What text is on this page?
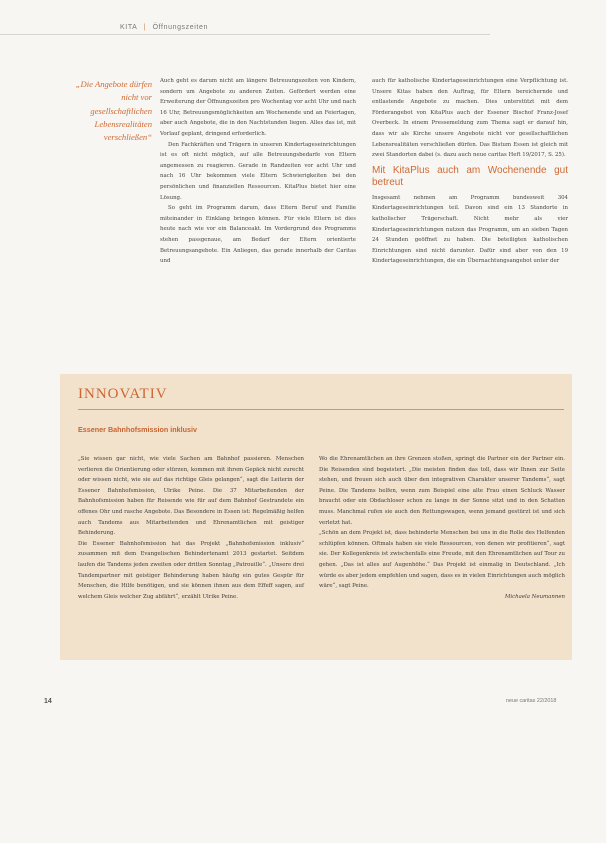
KITA | Öffnungszeiten
„Die Angebote dürfen nicht vor gesellschaftlichen Lebensrealitäten verschließen“

Auch geht es darum nicht am längere Betreuungszeiten von Kindern, sondern um Angebote zu anderen Zeiten. Gefördert werden eine Erweiterung der Öffnungszeiten pro Wochentag vor acht Uhr und nach 16 Uhr, Betreuungsmöglichkeiten am Wochenende und an Feiertagen, aber auch Angebote, die in den Nachtstunden liegen. Alles das ist, mit Vorlauf geplant, dringend erforderlich.

Den Fachkräften und Trägern in unseren Kindertageseinrichtungen ist es oft nicht möglich, auf alle Betreuungsbedarfe von Eltern angemessen zu reagieren. Gerade in Randzeiten vor acht Uhr und nach 16 Uhr bekommen viele Eltern Schwierigkeiten bei den persönlichen und finanziellen Ressourcen. KitaPlus bietet hier eine Lösung.

So geht im Programm darum, dass Eltern Beruf und Familie miteinander in Einklang bringen können. Für viele Eltern ist dies heute nach wie vor ein Balanceakt. Im Vordergrund des Programms stehen passgenaue, am Bedarf der Eltern orientierte Betreuungsangebote. Ein Anliegen, das gerade innerhalb der Caritas und

auch für katholische Kindertageseinrichtungen eine Verpflichtung ist. Unsere Kitas haben den Auftrag, für Eltern bereichernde und entlastende Angebote zu machen. Dies unterstützt mit dem Förderangebot von KitaPlus auch der Essener Bischof Franz-Josef Overbeck. In einem Pressemeldung zum Thema sagt er darauf hin, dass wir als Kirche unsere Angebote nicht vor gesellschaftlichen Lebensrealitäten verschließen dürfen. Das Bistum Essen ist gleich mit zwei Standorten dabei (s. dazu auch neue caritas Heft 19/2017, S. 25).

Mit KitaPlus auch am Wochenende gut betreut

Insgesamt nehmen am Programm bundesweit 304 Kindertageseinrichtungen teil. Davon sind ein 13 Standorte in katholischer Trägerschaft. Nicht mehr als vier Kindertageseinrichtungen nutzen das Programm, um an sieben Tagen 24 Stunden geöffnet zu haben. Die beteiligten katholischen Einrichtungen sind nicht darunter. Dafür sind aber von den 19 Kindertageseinrichtungen, die ein Übernachtungsangebot unter der

INNOVATIV
Essener Bahnhofsmission inklusiv

„Sie wissen gar nicht, wie viele Sachen am Bahnhof passieren. Menschen verlieren die Orientierung oder stürzen, kommen mit ihrem Gepäck nicht zurecht oder wissen nicht, wie sie auf das richtige Gleis gelangen“, sagt die Leiterin der Essener Bahnhofsmission, Ulrike Peine. Die 37 Mitarbeitenden der Bahnhofsmission haben für Reisende wie für auf dem Bahnhof Gestrandete ein offenes Ohr und rasche Angebote. Das Besondere in Essen ist: Regelmäßig helfen auch Tandems aus Mitarbeitenden und Ehrenamtlichen mit geistiger Behinderung.

Die Essener Bahnhofsmission hat das Projekt „Bahnhofsmission inklusiv“ zusammen mit dem Evangelischen Behindertenamt 2013 gestartet. Seitdem laufen die Tandems jeden zweiten oder dritten Sonntag „Patrouille“. „Unsere drei Tandempartner mit geistiger Behinderung haben häufig ein gutes Gespür für Menschen, die Hilfe benötigen, und sie können ihnen aus dem Effeff sagen, auf welchem Gleis welcher Zug abfährt“, erzählt Ulrike Peine.

Wo die Ehrenamtlichen an ihre Grenzen stoßen, springt die Partner ein der Partner ein. Die Reisenden sind begeistert. „Die meisten finden das toll, dass wir Ihnen zur Seite stehen, und freuen sich auch über den integrativen Charakter unserer Tandems“, sagt Peine. Die Tandems helfen, wenn zum Beispiel eine alte Frau einen Schluck Wasser braucht oder ein Obdachloser schon zu lange in der Sonne sitzt und in den Schatten muss. Manchmal rufen sie auch den Rettungswagen, wenn jemand gestürzt ist und sich verletzt hat.

„Schön an dem Projekt ist, dass behinderte Menschen bei uns in die Rolle des Helfenden schlüpfen können. Oftmals haben sie viele Ressourcen, von denen wir profitieren“, sagt sie. Der Kollegenkreis ist zwischenfalls eine Freude, mit den Ehrenamtlichen auf Tour zu gehen. „Das ist alles auf Augenhöhe.“ Das Projekt ist einmalig in Deutschland. „Ich würde es aber jedem empfehlen und sagen, dass es in vielen Einrichtungen auch möglich wäre“, sagt Peine.

Michaela Neumannen

14	neue caritas 22/2018
